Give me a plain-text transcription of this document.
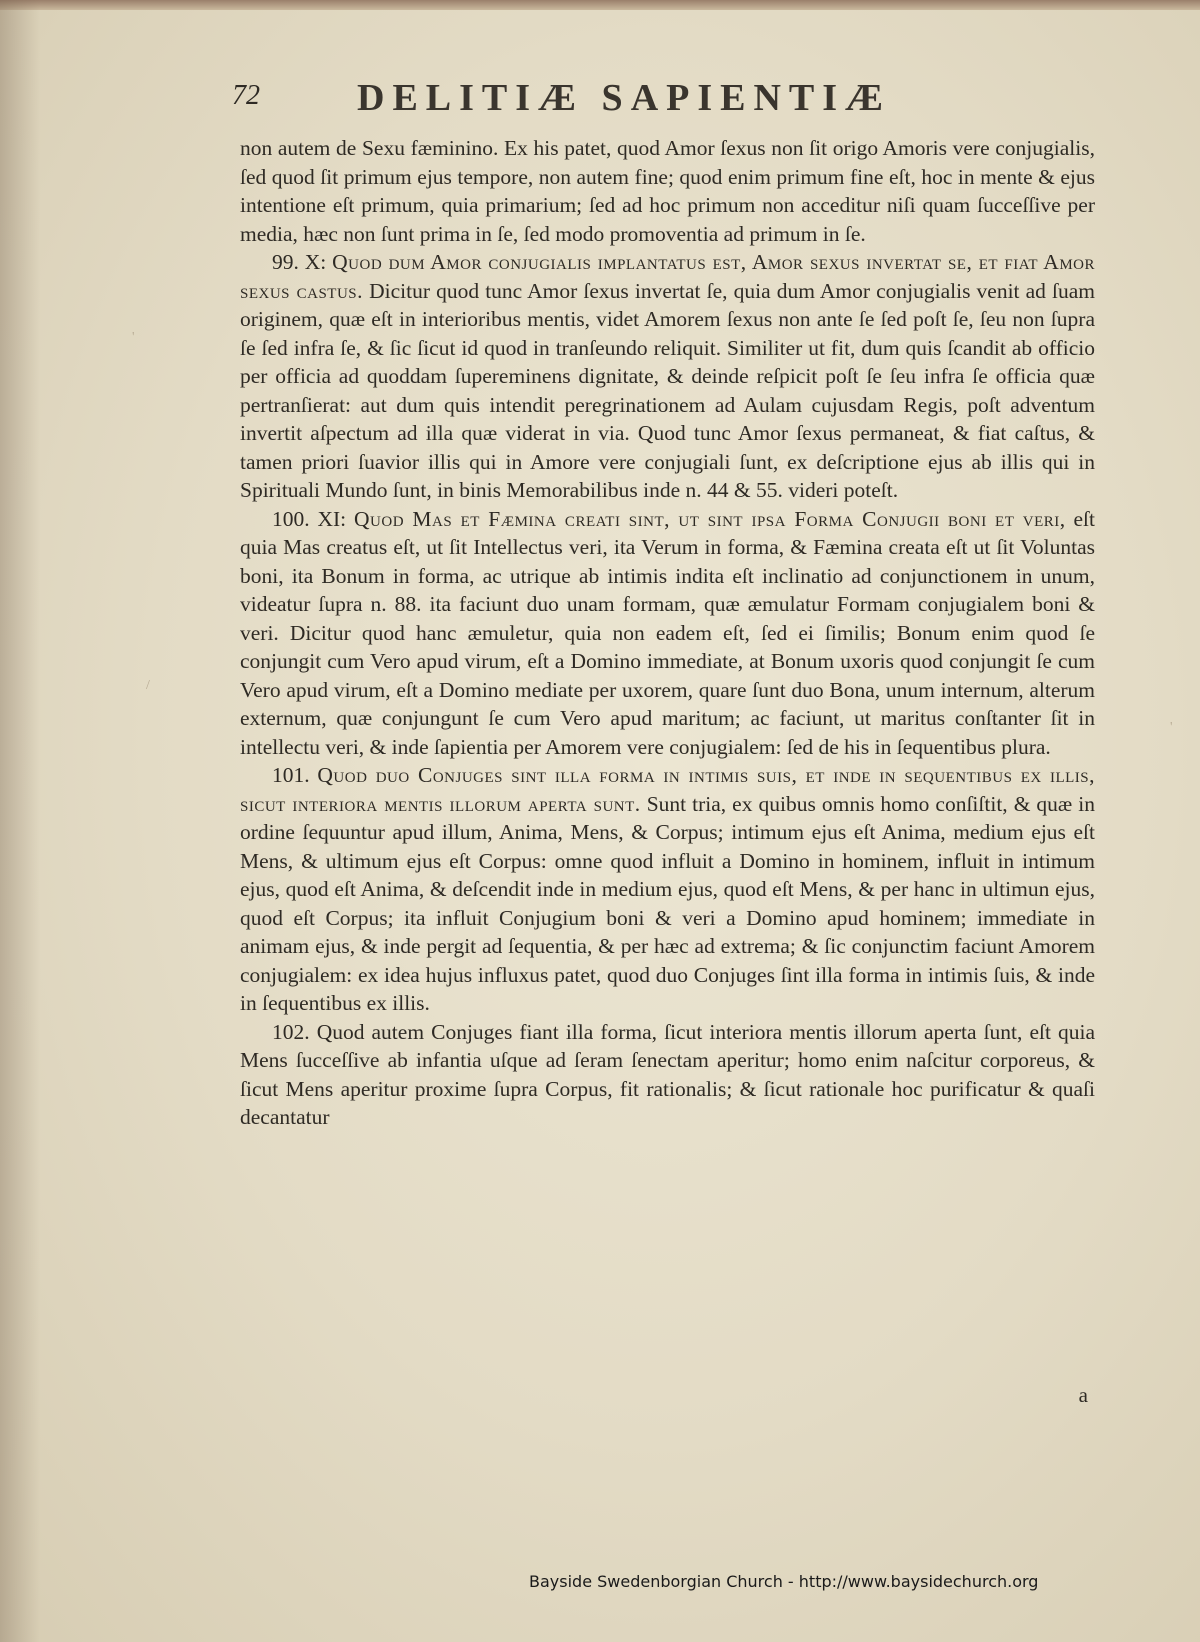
72	DELITIÆ SAPIENTIÆ

non autem de Sexu fæminino. Ex his patet, quod Amor ſexus non ſit origo Amoris vere conjugialis, ſed quod ſit primum ejus tempore, non autem fine; quod enim primum fine eſt, hoc in mente & ejus intentione eſt primum, quia primarium; ſed ad hoc primum non acceditur niſi quam ſucceſſive per media, hæc non ſunt prima in ſe, ſed modo promoventia ad primum in ſe.

99. X: Quod dum Amor conjugialis implantatus est, Amor sexus invertat se, et fiat Amor sexus castus. Dicitur quod tunc Amor ſexus invertat ſe, quia dum Amor conjugialis venit ad ſuam originem, quæ eſt in interioribus mentis, videt Amorem ſexus non ante ſe ſed poſt ſe, ſeu non ſupra ſe ſed infra ſe, & ſic ſicut id quod in tranſeundo reliquit. Similiter ut fit, dum quis ſcandit ab officio per officia ad quoddam ſupereminens dignitate, & deinde reſpicit poſt ſe ſeu infra ſe officia quæ pertranſierat: aut dum quis intendit peregrinationem ad Aulam cujusdam Regis, poſt adventum invertit aſpectum ad illa quæ viderat in via. Quod tunc Amor ſexus permaneat, & fiat caſtus, & tamen priori ſuavior illis qui in Amore vere conjugiali ſunt, ex deſcriptione ejus ab illis qui in Spirituali Mundo ſunt, in binis Memorabilibus inde n. 44 & 55. videri poteſt.

100. XI: Quod Mas et Fæmina creati sint, ut sint ipsa Forma Conjugii boni et veri, eſt quia Mas creatus eſt, ut ſit Intellectus veri, ita Verum in forma, & Fæmina creata eſt ut ſit Voluntas boni, ita Bonum in forma, ac utrique ab intimis indita eſt inclinatio ad conjunctionem in unum, videatur ſupra n. 88. ita faciunt duo unam formam, quæ æmulatur Formam conjugialem boni & veri. Dicitur quod hanc æmuletur, quia non eadem eſt, ſed ei ſimilis; Bonum enim quod ſe conjungit cum Vero apud virum, eſt a Domino immediate, at Bonum uxoris quod conjungit ſe cum Vero apud virum, eſt a Domino mediate per uxorem, quare ſunt duo Bona, unum internum, alterum externum, quæ conjungunt ſe cum Vero apud maritum; ac faciunt, ut maritus conſtanter ſit in intellectu veri, & inde ſapientia per Amorem vere conjugialem: ſed de his in ſequentibus plura.

101. Quod duo Conjuges sint illa forma in intimis suis, et inde in sequentibus ex illis, sicut interiora mentis illorum aperta sunt. Sunt tria, ex quibus omnis homo conſiſtit, & quæ in ordine ſequuntur apud illum, Anima, Mens, & Corpus; intimum ejus eſt Anima, medium ejus eſt Mens, & ultimum ejus eſt Corpus: omne quod influit a Domino in hominem, influit in intimum ejus, quod eſt Anima, & deſcendit inde in medium ejus, quod eſt Mens, & per hanc in ultimun ejus, quod eſt Corpus; ita influit Conjugium boni & veri a Domino apud hominem; immediate in animam ejus, & inde pergit ad ſequentia, & per hæc ad extrema; & ſic conjunctim faciunt Amorem conjugialem: ex idea hujus influxus patet, quod duo Conjuges ſint illa forma in intimis ſuis, & inde in ſequentibus ex illis.

102. Quod autem Conjuges fiant illa forma, ſicut interiora mentis illorum aperta ſunt, eſt quia Mens ſucceſſive ab infantia uſque ad ſeram ſenectam aperitur; homo enim naſcitur corporeus, & ſicut Mens aperitur proxime ſupra Corpus, fit rationalis; & ſicut rationale hoc purificatur & quaſi decantatur

a
'
/
'
Bayside Swedenborgian Church - http://www.baysidechurch.org
